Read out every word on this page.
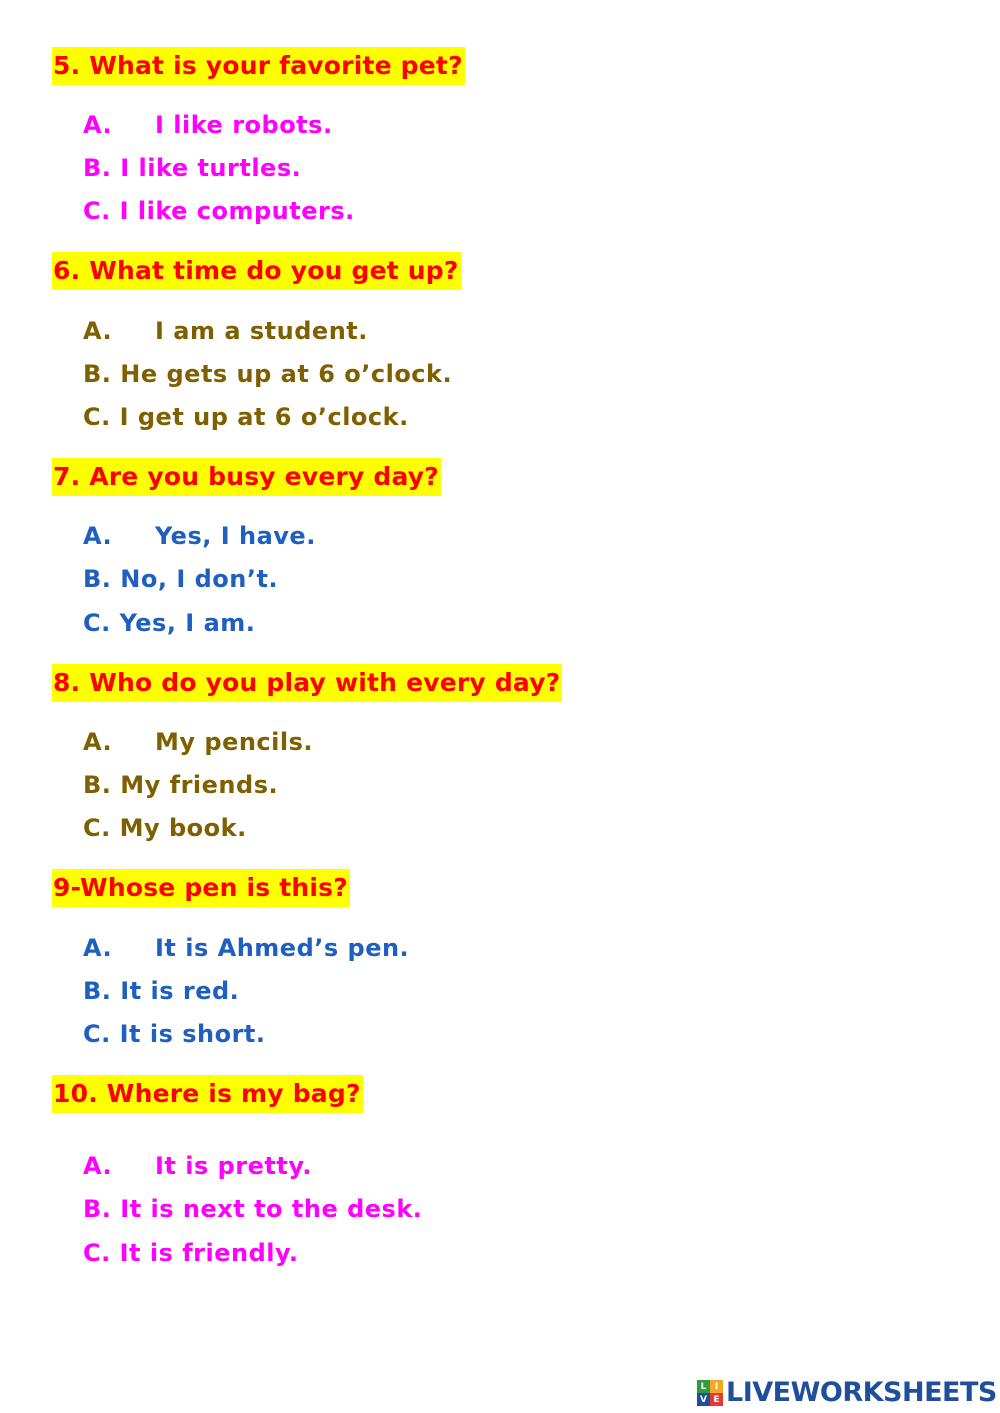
5. What is your favorite pet?
A. I like robots.
B. I like turtles.
C. I like computers.
6. What time do you get up?
A. I am a student.
B. He gets up at 6 o’clock.
C. I get up at 6 o’clock.
7. Are you busy every day?
A. Yes, I have.
B. No, I don’t.
C. Yes, I am.
8. Who do you play with every day?
A. My pencils.
B. My friends.
C. My book.
9-Whose pen is this?
A. It is Ahmed’s pen.
B. It is red.
C. It is short.
10. Where is my bag?
A. It is pretty.
B. It is next to the desk.
C. It is friendly.
L I
V E LIVEWORKSHEETS
